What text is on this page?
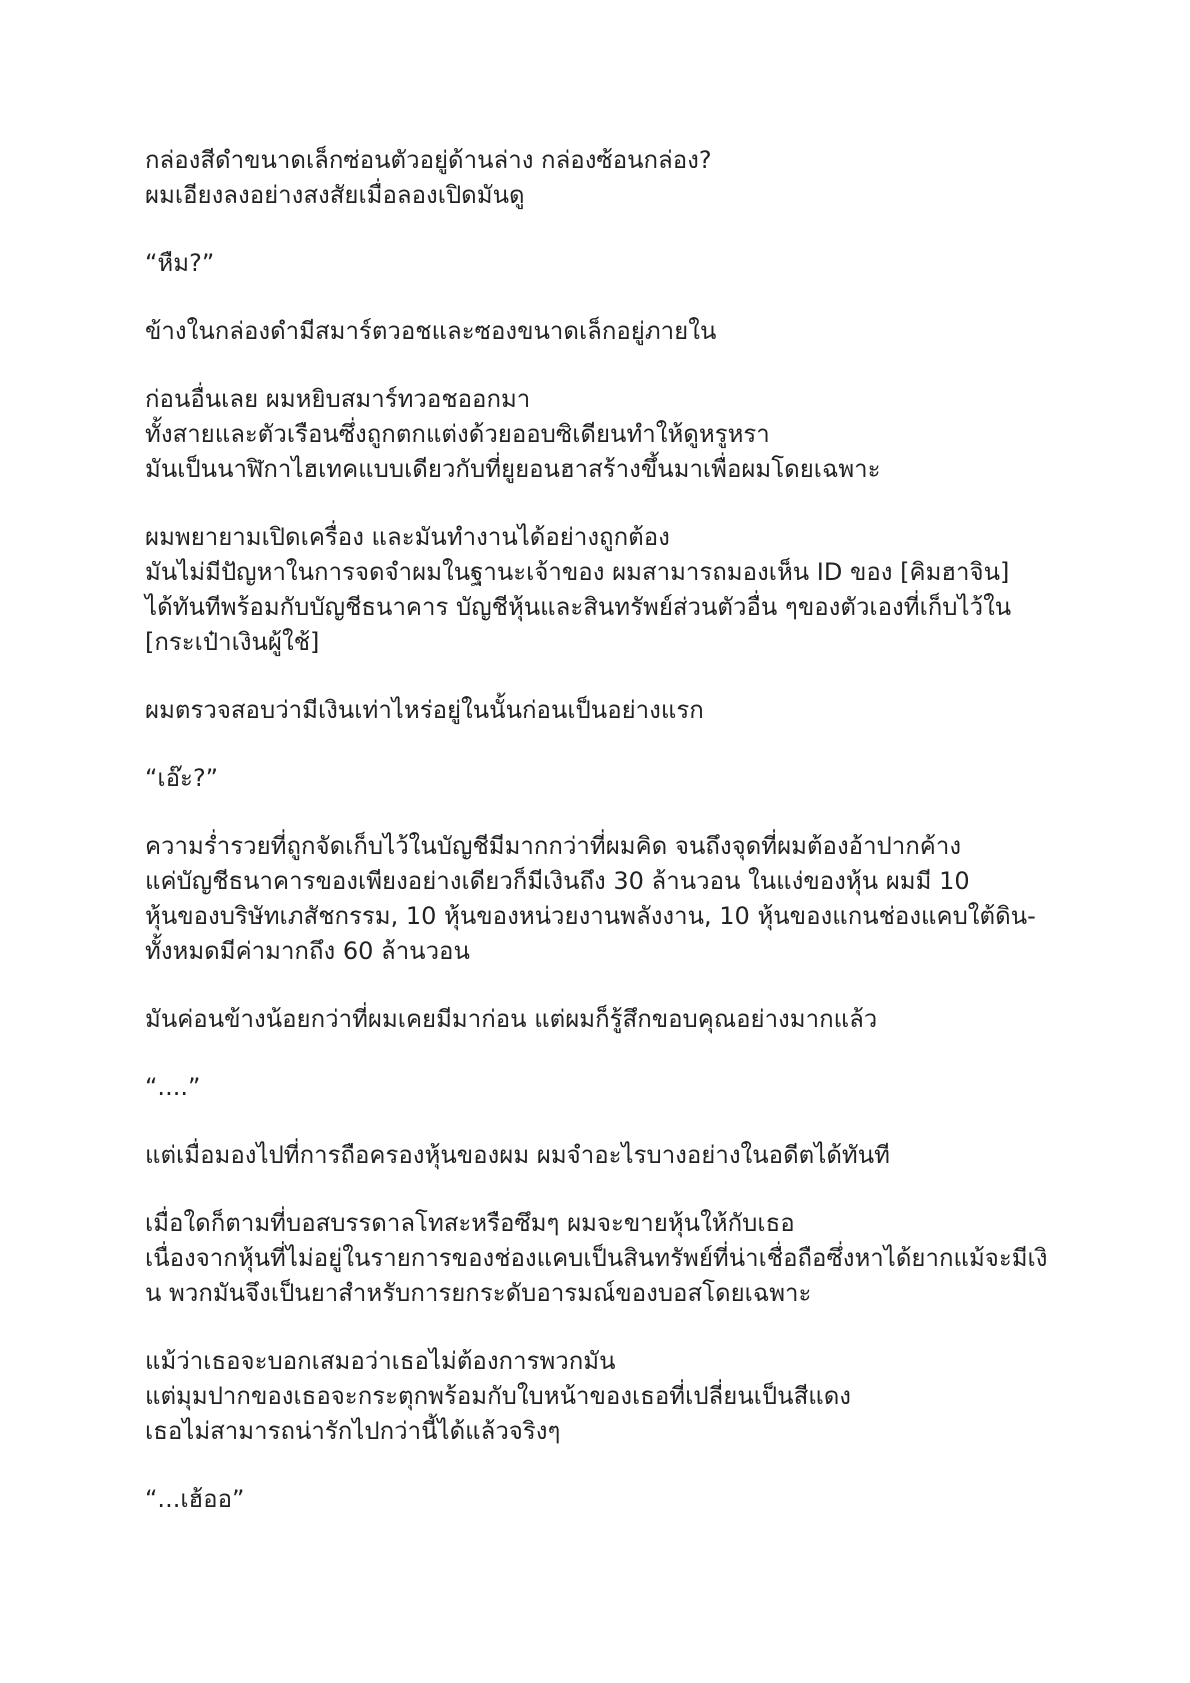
กล่องสีดำขนาดเล็กซ่อนตัวอยู่ด้านล่าง กล่องซ้อนกล่อง?
ผมเอียงลงอย่างสงสัยเมื่อลองเปิดมันดู
“หืม?”
ข้างในกล่องดำมีสมาร์ตวอชและซองขนาดเล็กอยู่ภายใน
ก่อนอื่นเลย ผมหยิบสมาร์ทวอชออกมา
ทั้งสายและตัวเรือนซึ่งถูกตกแต่งด้วยออบซิเดียนทำให้ดูหรูหรา
มันเป็นนาฬิกาไฮเทคแบบเดียวกับที่ยูยอนฮาสร้างขึ้นมาเพื่อผมโดยเฉพาะ
ผมพยายามเปิดเครื่อง และมันทำงานได้อย่างถูกต้อง
มันไม่มีปัญหาในการจดจำผมในฐานะเจ้าของ ผมสามารถมองเห็น ID ของ [คิมฮาจิน]
ได้ทันทีพร้อมกับบัญชีธนาคาร บัญชีหุ้นและสินทรัพย์ส่วนตัวอื่น ๆของตัวเองที่เก็บไว้ใน
[กระเป๋าเงินผู้ใช้]
ผมตรวจสอบว่ามีเงินเท่าไหร่อยู่ในนั้นก่อนเป็นอย่างแรก
“เอ๊ะ?”
ความร่ำรวยที่ถูกจัดเก็บไว้ในบัญชีมีมากกว่าที่ผมคิด จนถึงจุดที่ผมต้องอ้าปากค้าง
แค่บัญชีธนาคารของเพียงอย่างเดียวก็มีเงินถึง 30 ล้านวอน ในแง่ของหุ้น ผมมี 10
หุ้นของบริษัทเภสัชกรรม, 10 หุ้นของหน่วยงานพลังงาน, 10 หุ้นของแกนช่องแคบใต้ดิน-
ทั้งหมดมีค่ามากถึง 60 ล้านวอน
มันค่อนข้างน้อยกว่าที่ผมเคยมีมาก่อน แต่ผมก็รู้สึกขอบคุณอย่างมากแล้ว
“....”
แต่เมื่อมองไปที่การถือครองหุ้นของผม ผมจำอะไรบางอย่างในอดีตได้ทันที
เมื่อใดก็ตามที่บอสบรรดาลโทสะหรือซึมๆ ผมจะขายหุ้นให้กับเธอ
เนื่องจากหุ้นที่ไม่อยู่ในรายการของช่องแคบเป็นสินทรัพย์ที่น่าเชื่อถือซึ่งหาได้ยากแม้จะมีเงิ
น พวกมันจึงเป็นยาสำหรับการยกระดับอารมณ์ของบอสโดยเฉพาะ
แม้ว่าเธอจะบอกเสมอว่าเธอไม่ต้องการพวกมัน
แต่มุมปากของเธอจะกระตุกพร้อมกับใบหน้าของเธอที่เปลี่ยนเป็นสีแดง
เธอไม่สามารถน่ารักไปกว่านี้ได้แล้วจริงๆ
“...เฮ้ออ”
